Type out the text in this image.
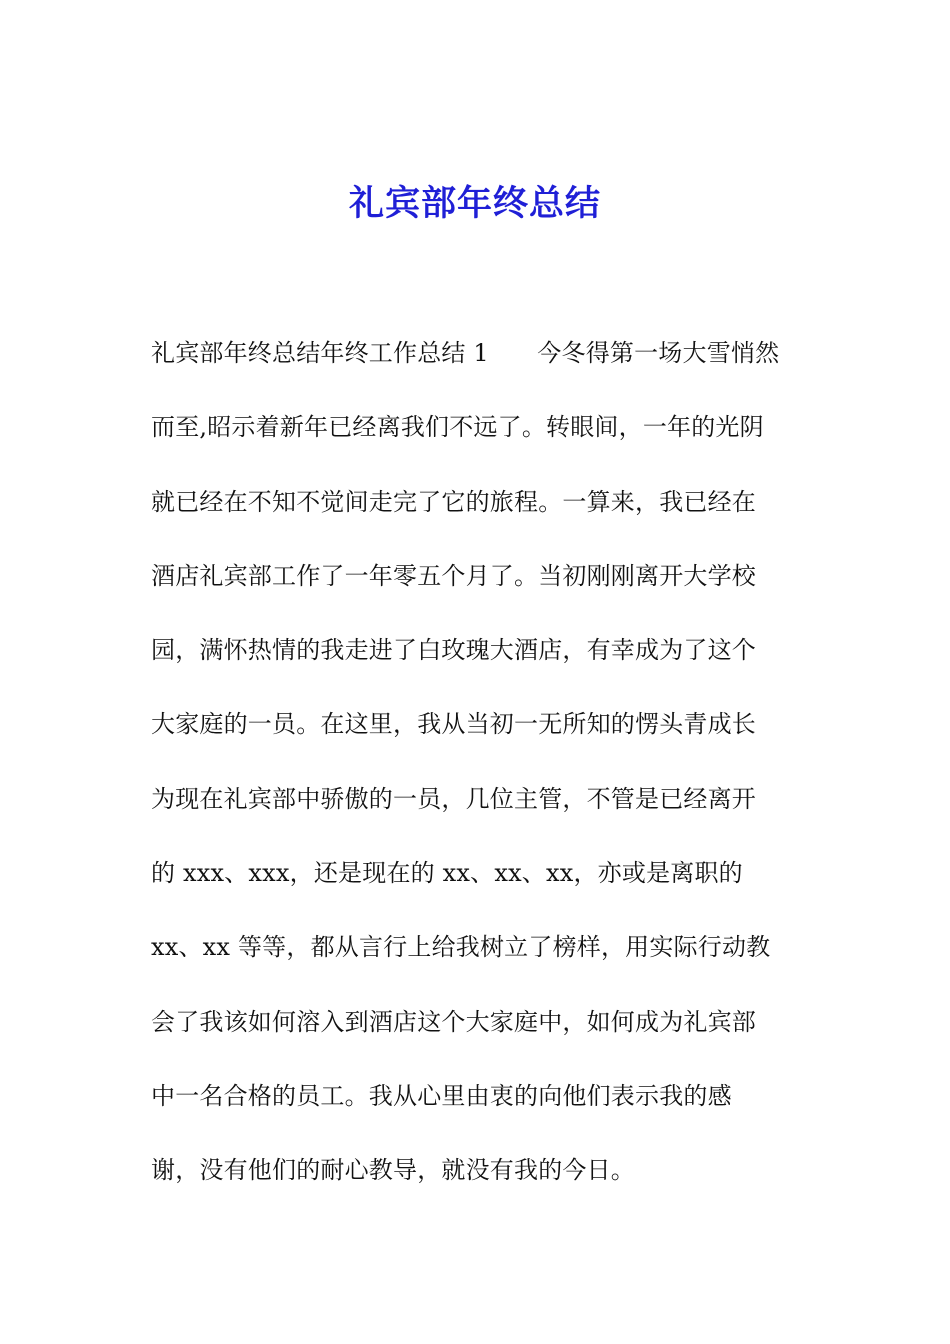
礼宾部年终总结
礼宾部年终总结年终工作总结 1　　今冬得第一场大雪悄然
而至,昭示着新年已经离我们不远了。转眼间，一年的光阴
就已经在不知不觉间走完了它的旅程。一算来，我已经在
酒店礼宾部工作了一年零五个月了。当初刚刚离开大学校
园，满怀热情的我走进了白玫瑰大酒店，有幸成为了这个
大家庭的一员。在这里，我从当初一无所知的愣头青成长
为现在礼宾部中骄傲的一员，几位主管，不管是已经离开
的 xxx、xxx，还是现在的 xx、xx、xx，亦或是离职的
xx、xx 等等，都从言行上给我树立了榜样，用实际行动教
会了我该如何溶入到酒店这个大家庭中，如何成为礼宾部
中一名合格的员工。我从心里由衷的向他们表示我的感
谢，没有他们的耐心教导，就没有我的今日。
